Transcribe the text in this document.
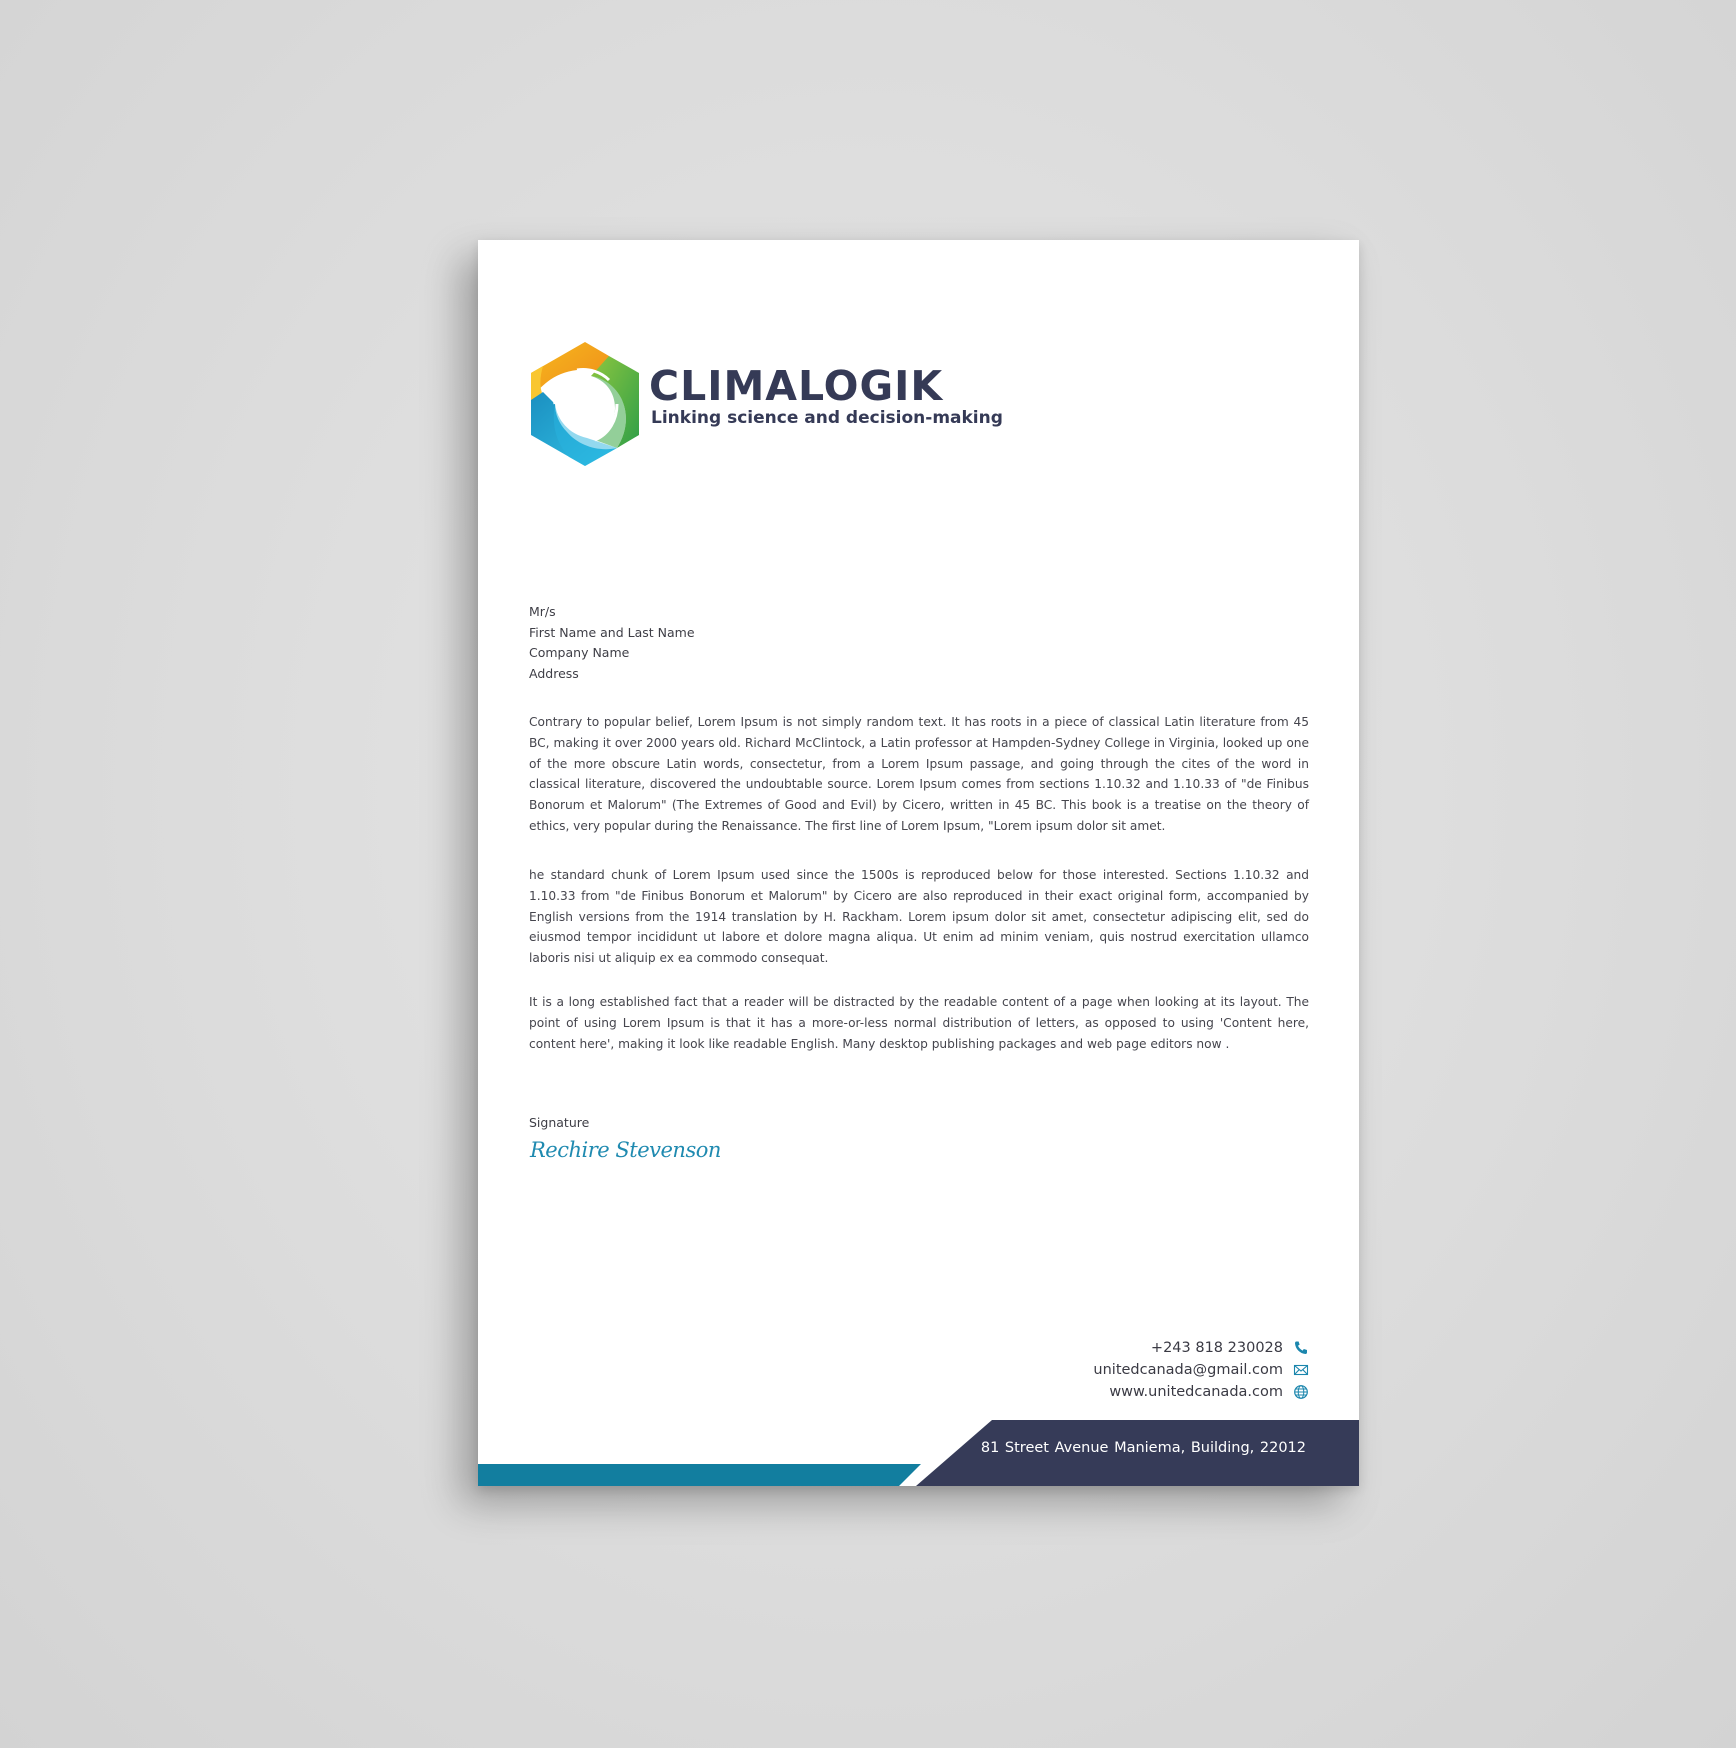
CLIMALOGIK
Linking science and decision-making
Mr/s
First Name and Last Name
Company Name
Address
Contrary to popular belief, Lorem Ipsum is not simply random text. It has roots in a piece of classical Latin literature from 45 BC, making it over 2000 years old. Richard McClintock, a Latin professor at Hampden-Sydney College in Virginia, looked up one of the more obscure Latin words, consectetur, from a Lorem Ipsum passage, and going through the cites of the word in classical literature, discovered the undoubtable source. Lorem Ipsum comes from sections 1.10.32 and 1.10.33 of "de Finibus Bonorum et Malorum" (The Extremes of Good and Evil) by Cicero, written in 45 BC. This book is a treatise on the theory of ethics, very popular during the Renaissance. The first line of Lorem Ipsum, "Lorem ipsum dolor sit amet.
he standard chunk of Lorem Ipsum used since the 1500s is reproduced below for those interested. Sections 1.10.32 and 1.10.33 from "de Finibus Bonorum et Malorum" by Cicero are also reproduced in their exact original form, accompanied by English versions from the 1914 translation by H. Rackham. Lorem ipsum dolor sit amet, consectetur adipiscing elit, sed do eiusmod tempor incididunt ut labore et dolore magna aliqua. Ut enim ad minim veniam, quis nostrud exercitation ullamco laboris nisi ut aliquip ex ea commodo consequat.
It is a long established fact that a reader will be distracted by the readable content of a page when looking at its layout. The point of using Lorem Ipsum is that it has a more-or-less normal distribution of letters, as opposed to using 'Content here, content here', making it look like readable English. Many desktop publishing packages and web page editors now .
Signature
Rechire Stevenson
+243 818 230028
unitedcanada@gmail.com
www.unitedcanada.com
81 Street Avenue Maniema, Building, 22012
